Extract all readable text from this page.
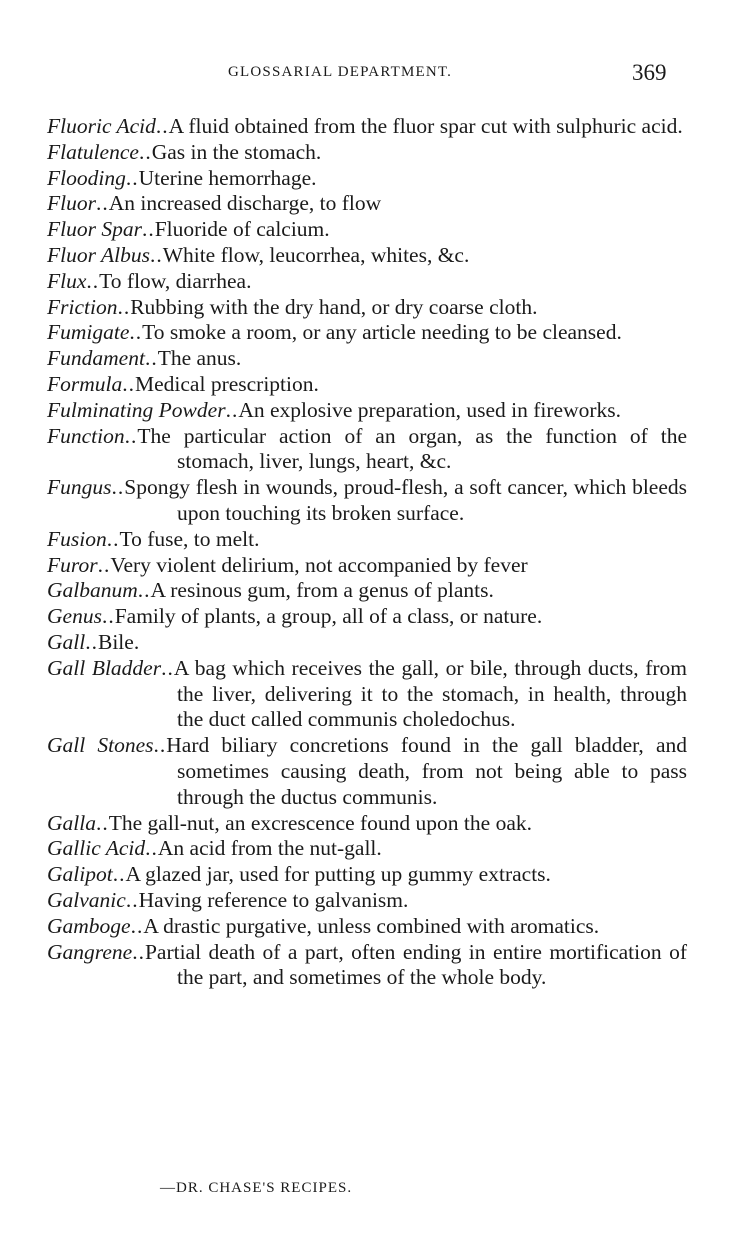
GLOSSARIAL DEPARTMENT.	369
Fluoric Acid..A fluid obtained from the fluor spar cut with sulphuric acid.
Flatulence..Gas in the stomach.
Flooding..Uterine hemorrhage.
Fluor..An increased discharge, to flow
Fluor Spar..Fluoride of calcium.
Fluor Albus..White flow, leucorrhea, whites, &c.
Flux..To flow, diarrhea.
Friction..Rubbing with the dry hand, or dry coarse cloth.
Fumigate..To smoke a room, or any article needing to be cleansed.
Fundament..The anus.
Formula..Medical prescription.
Fulminating Powder..An explosive preparation, used in fireworks.
Function..The particular action of an organ, as the function of the stomach, liver, lungs, heart, &c.
Fungus..Spongy flesh in wounds, proud-flesh, a soft cancer, which bleeds upon touching its broken surface.
Fusion..To fuse, to melt.
Furor..Very violent delirium, not accompanied by fever
Galbanum..A resinous gum, from a genus of plants.
Genus..Family of plants, a group, all of a class, or nature.
Gall..Bile.
Gall Bladder..A bag which receives the gall, or bile, through ducts, from the liver, delivering it to the stomach, in health, through the duct called communis choledochus.
Gall Stones..Hard biliary concretions found in the gall bladder, and sometimes causing death, from not being able to pass through the ductus communis.
Galla..The gall-nut, an excrescence found upon the oak.
Gallic Acid..An acid from the nut-gall.
Galipot..A glazed jar, used for putting up gummy extracts.
Galvanic..Having reference to galvanism.
Gamboge..A drastic purgative, unless combined with aromatics.
Gangrene..Partial death of a part, often ending in entire mortification of the part, and sometimes of the whole body.
—DR. CHASE'S RECIPES.
